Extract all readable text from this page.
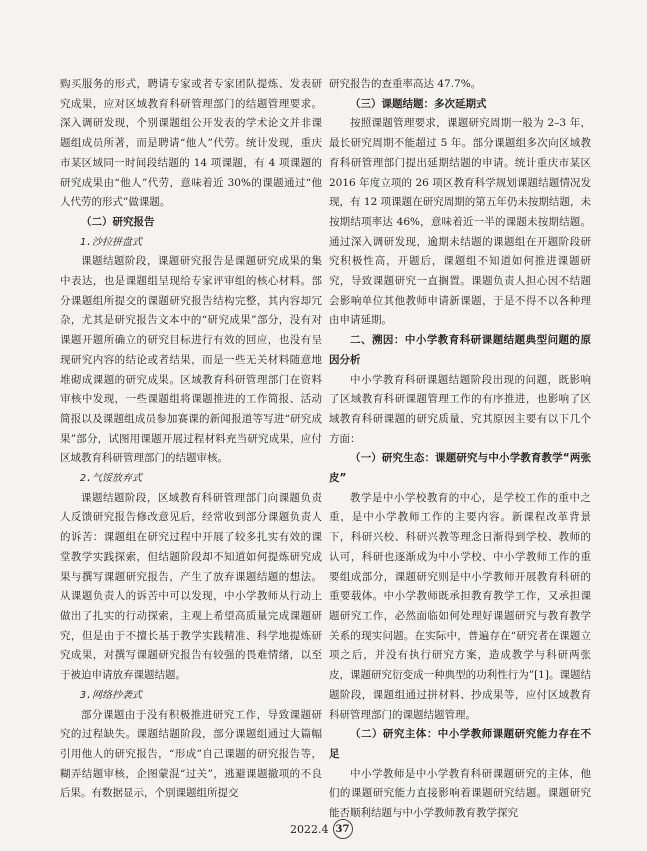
购买服务的形式，聘请专家或者专家团队提炼、发表研究成果，应对区域教育科研管理部门的结题管理要求。深入调研发现，个别课题组公开发表的学术论文并非课题组成员所著，而是聘请“他人”代劳。统计发现，重庆市某区域同一时间段结题的 14 项课题，有 4 项课题的研究成果由“他人”代劳，意味着近 30%的课题通过“他人代劳的形式”做课题。

（二）研究报告
1.沙拉拼盘式

课题结题阶段，课题研究报告是课题研究成果的集中表达，也是课题组呈现给专家评审组的核心材料。部分课题组所提交的课题研究报告结构完整，其内容却冗杂，尤其是研究报告文本中的“研究成果”部分，没有对课题开题所确立的研究目标进行有效的回应，也没有呈现研究内容的结论或者结果，而是一些无关材料随意地堆砌成课题的研究成果。区域教育科研管理部门在资料审核中发现，一些课题组将课题推进的工作简报、活动简报以及课题组成员参加赛课的新闻报道等写进“研究成果”部分，试图用课题开展过程材料充当研究成果，应付区域教育科研管理部门的结题审核。

2.气馁放弃式

课题结题阶段，区域教育科研管理部门向课题负责人反馈研究报告修改意见后，经常收到部分课题负责人的诉苦：课题组在研究过程中开展了较多扎实有效的课堂教学实践探索，但结题阶段却不知道如何提炼研究成果与撰写课题研究报告，产生了放弃课题结题的想法。从课题负责人的诉苦中可以发现，中小学教师从行动上做出了扎实的行动探索，主观上希望高质量完成课题研究，但是由于不擅长基于教学实践精准、科学地提炼研究成果，对撰写课题研究报告有较强的畏难情绪，以至于被迫申请放弃课题结题。

3.网络抄袭式

部分课题由于没有积极推进研究工作，导致课题研究的过程缺失。课题结题阶段，部分课题组通过大篇幅引用他人的研究报告，“形成”自己课题的研究报告等，糊弄结题审核，企图蒙混“过关”，逃避课题撤项的不良后果。有数据显示，个别课题组所提交

研究报告的查重率高达 47.7%。

（三）课题结题：多次延期式

按照课题管理要求，课题研究周期一般为 2–3 年，最长研究周期不能超过 5 年。部分课题组多次向区域教育科研管理部门提出延期结题的申请。统计重庆市某区 2016 年度立项的 26 项区教育科学规划课题结题情况发现，有 12 项课题在研究周期的第五年仍未按期结题，未按期结项率达 46%，意味着近一半的课题未按期结题。通过深入调研发现，逾期未结题的课题组在开题阶段研究积极性高，开题后，课题组不知道如何推进课题研究，导致课题研究一直搁置。课题负责人担心因不结题会影响单位其他教师申请新课题，于是不得不以各种理由申请延期。

二、溯因：中小学教育科研课题结题典型问题的原因分析

中小学教育科研课题结题阶段出现的问题，既影响了区域教育科研课题管理工作的有序推进，也影响了区域教育科研课题的研究质量，究其原因主要有以下几个方面：

（一）研究生态：课题研究与中小学教育教学“两张皮”

教学是中小学校教育的中心，是学校工作的重中之重，是中小学教师工作的主要内容。新课程改革背景下，科研兴校、科研兴教等理念日渐得到学校、教师的认可，科研也逐渐成为中小学校、中小学教师工作的重要组成部分，课题研究则是中小学教师开展教育科研的重要载体。中小学教师既承担教育教学工作，又承担课题研究工作，必然面临如何处理好课题研究与教育教学关系的现实问题。在实际中，普遍存在“研究者在课题立项之后，并没有执行研究方案，造成教学与科研两张皮，课题研究衍变成一种典型的功利性行为”[1]。课题结题阶段，课题组通过拼材料、抄成果等，应付区域教育科研管理部门的课题结题管理。

（二）研究主体：中小学教师课题研究能力存在不足

中小学教师是中小学教育科研课题研究的主体，他们的课题研究能力直接影响着课题研究结题。课题研究能否顺利结题与中小学教师教育教学探究

2022.4 37
